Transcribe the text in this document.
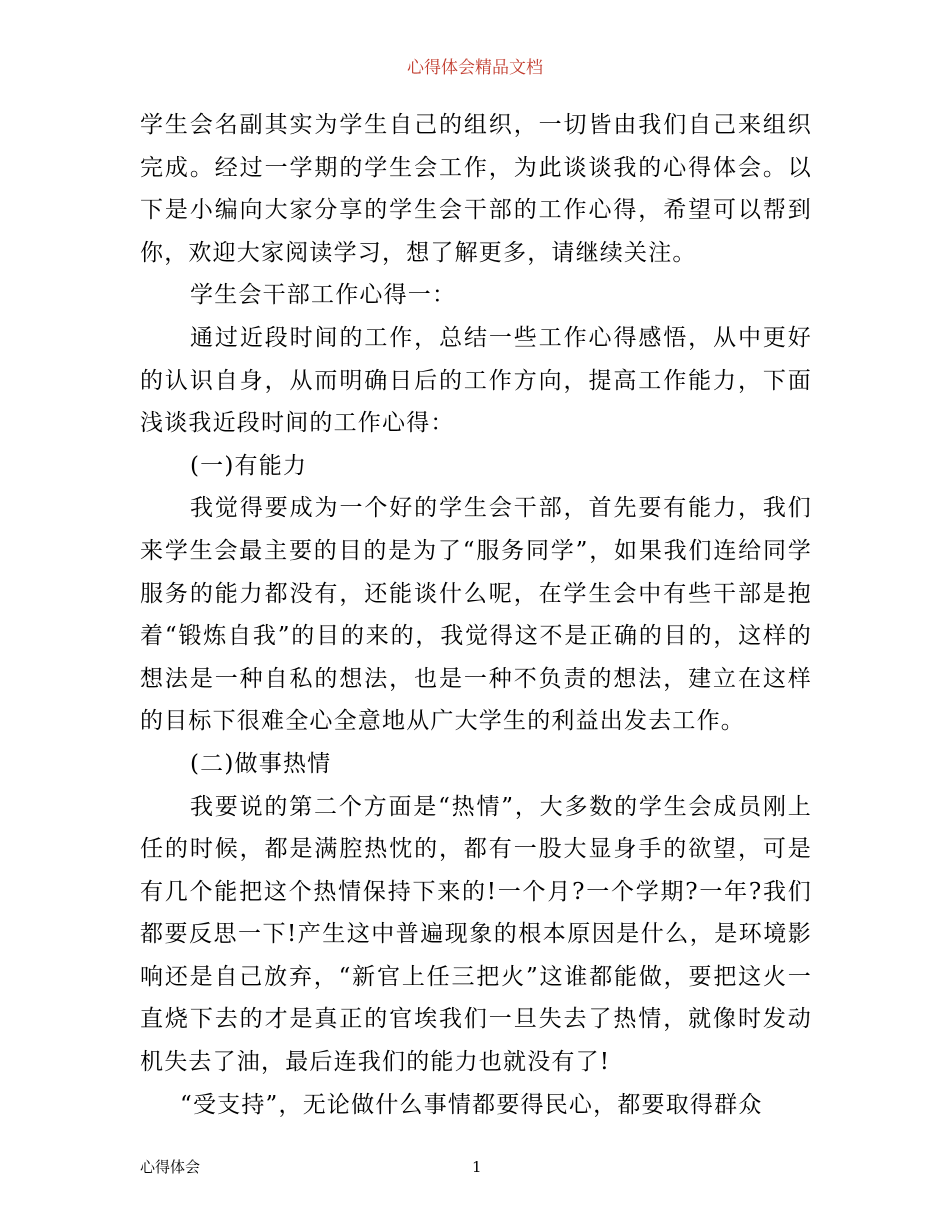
心得体会精品文档

学生会名副其实为学生自己的组织，一切皆由我们自己来组织完成。经过一学期的学生会工作，为此谈谈我的心得体会。以下是小编向大家分享的学生会干部的工作心得，希望可以帮到你，欢迎大家阅读学习，想了解更多，请继续关注。

学生会干部工作心得一：

通过近段时间的工作，总结一些工作心得感悟，从中更好的认识自身，从而明确日后的工作方向，提高工作能力，下面浅谈我近段时间的工作心得：

(一)有能力

我觉得要成为一个好的学生会干部，首先要有能力，我们来学生会最主要的目的是为了“服务同学”，如果我们连给同学服务的能力都没有，还能谈什么呢，在学生会中有些干部是抱着“锻炼自我”的目的来的，我觉得这不是正确的目的，这样的想法是一种自私的想法，也是一种不负责的想法，建立在这样的目标下很难全心全意地从广大学生的利益出发去工作。

(二)做事热情

我要说的第二个方面是“热情”，大多数的学生会成员刚上任的时候，都是满腔热忱的，都有一股大显身手的欲望，可是有几个能把这个热情保持下来的!一个月?一个学期?一年?我们都要反思一下!产生这中普遍现象的根本原因是什么，是环境影响还是自己放弃，“新官上任三把火”这谁都能做，要把这火一直烧下去的才是真正的官埃我们一旦失去了热情，就像时发动机失去了油，最后连我们的能力也就没有了!

“受支持”，无论做什么事情都要得民心，都要取得群众

心得体会	1
